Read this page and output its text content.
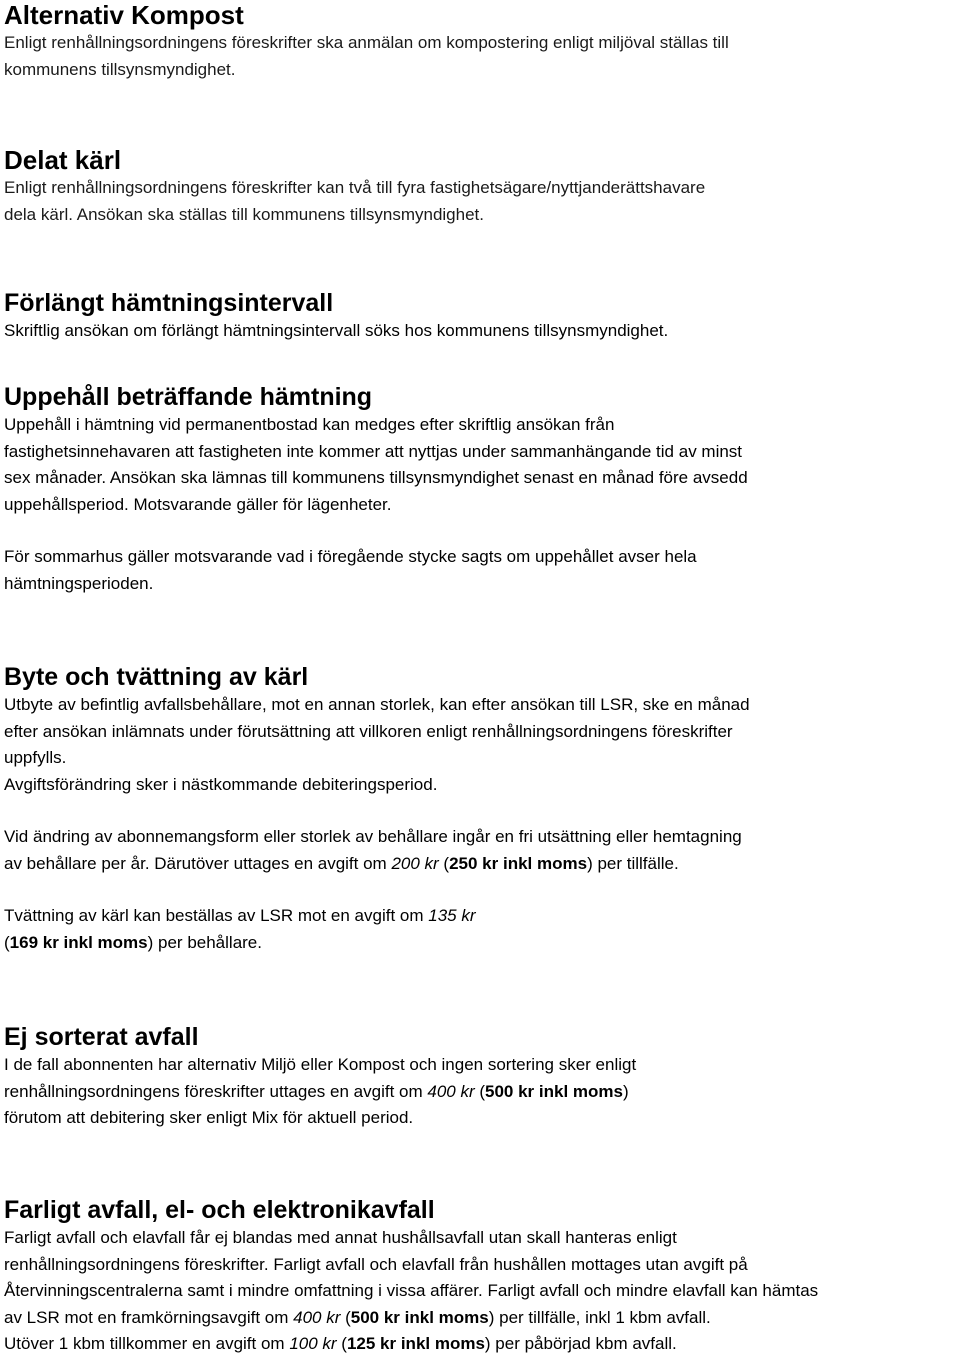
Alternativ Kompost

Enligt renhållningsordningens föreskrifter ska anmälan om kompostering enligt miljöval ställas till

kommunens tillsynsmyndighet.

Delat kärl

Enligt renhållningsordningens föreskrifter kan två till fyra fastighetsägare/nyttjanderättshavare

dela kärl. Ansökan ska ställas till kommunens tillsynsmyndighet.

Förlängt hämtningsintervall

Skriftlig ansökan om förlängt hämtningsintervall söks hos kommunens tillsynsmyndighet.

Uppehåll beträffande hämtning

Uppehåll i hämtning vid permanentbostad kan medges efter skriftlig ansökan från

fastighetsinnehavaren att fastigheten inte kommer att nyttjas under sammanhängande tid av minst

sex månader. Ansökan ska lämnas till kommunens tillsynsmyndighet senast en månad före avsedd

uppehållsperiod. Motsvarande gäller för lägenheter.

För sommarhus gäller motsvarande vad i föregående stycke sagts om uppehållet avser hela

hämtningsperioden.

Byte och tvättning av kärl

Utbyte av befintlig avfallsbehållare, mot en annan storlek, kan efter ansökan till LSR, ske en månad

efter ansökan inlämnats under förutsättning att villkoren enligt renhållningsordningens föreskrifter

uppfylls.

Avgiftsförändring sker i nästkommande debiteringsperiod.

Vid ändring av abonnemangsform eller storlek av behållare ingår en fri utsättning eller hemtagning

av behållare per år. Därutöver uttages en avgift om 200 kr (250 kr inkl moms) per tillfälle.

Tvättning av kärl kan beställas av LSR mot en avgift om 135 kr

(169 kr inkl moms) per behållare.

Ej sorterat avfall

I de fall abonnenten har alternativ Miljö eller Kompost och ingen sortering sker enligt

renhållningsordningens föreskrifter uttages en avgift om 400 kr (500 kr inkl moms)

förutom att debitering sker enligt Mix för aktuell period.

Farligt avfall, el- och elektronikavfall

Farligt avfall och elavfall får ej blandas med annat hushållsavfall utan skall hanteras enligt

renhållningsordningens föreskrifter. Farligt avfall och elavfall från hushållen mottages utan avgift på

Återvinningscentralerna samt i mindre omfattning i vissa affärer. Farligt avfall och mindre elavfall kan hämtas

av LSR mot en framkörningsavgift om 400 kr (500 kr inkl moms) per tillfälle, inkl 1 kbm avfall.

Utöver 1 kbm tillkommer en avgift om 100 kr (125 kr inkl moms) per påbörjad kbm avfall.
